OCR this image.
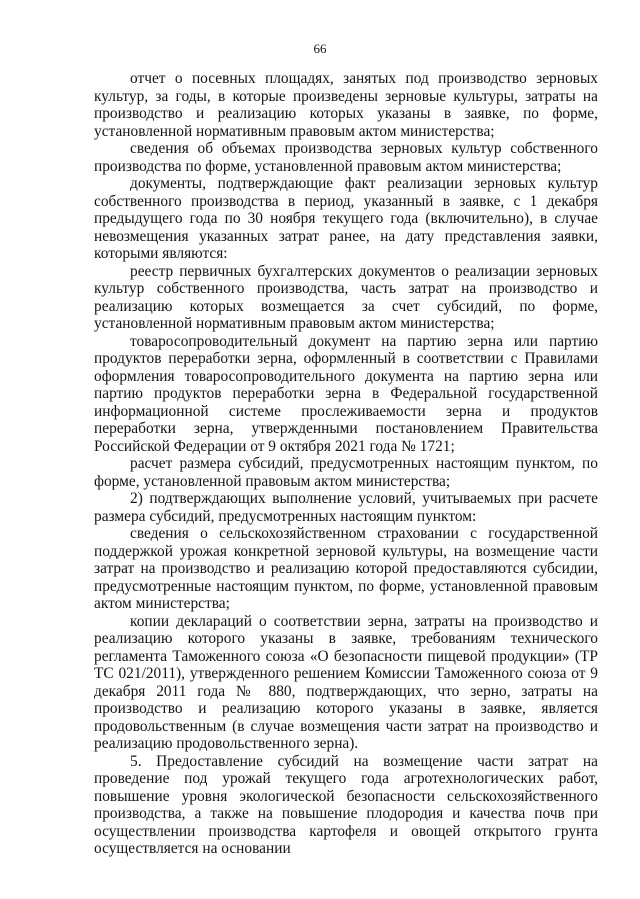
66

отчет о посевных площадях, занятых под производство зерновых культур, за годы, в которые произведены зерновые культуры, затраты на производство и реализацию которых указаны в заявке, по форме, установленной нормативным правовым актом министерства;

сведения об объемах производства зерновых культур собственного производства по форме, установленной правовым актом министерства;

документы, подтверждающие факт реализации зерновых культур собственного производства в период, указанный в заявке, с 1 декабря предыдущего года по 30 ноября текущего года (включительно), в случае невозмещения указанных затрат ранее, на дату представления заявки, которыми являются:

реестр первичных бухгалтерских документов о реализации зерновых культур собственного производства, часть затрат на производство и реализацию которых возмещается за счет субсидий, по форме, установленной нормативным правовым актом министерства;

товаросопроводительный документ на партию зерна или партию продуктов переработки зерна, оформленный в соответствии с Правилами оформления товаросопроводительного документа на партию зерна или партию продуктов переработки зерна в Федеральной государственной информационной системе прослеживаемости зерна и продуктов переработки зерна, утвержденными постановлением Правительства Российской Федерации от 9 октября 2021 года № 1721;

расчет размера субсидий, предусмотренных настоящим пунктом, по форме, установленной правовым актом министерства;

2) подтверждающих выполнение условий, учитываемых при расчете размера субсидий, предусмотренных настоящим пунктом:

сведения о сельскохозяйственном страховании с государственной поддержкой урожая конкретной зерновой культуры, на возмещение части затрат на производство и реализацию которой предоставляются субсидии, предусмотренные настоящим пунктом, по форме, установленной правовым актом министерства;

копии деклараций о соответствии зерна, затраты на производство и реализацию которого указаны в заявке, требованиям технического регламента Таможенного союза «О безопасности пищевой продукции» (ТР ТС 021/2011), утвержденного решением Комиссии Таможенного союза от 9 декабря 2011 года № 880, подтверждающих, что зерно, затраты на производство и реализацию которого указаны в заявке, является продовольственным (в случае возмещения части затрат на производство и реализацию продовольственного зерна).

5. Предоставление субсидий на возмещение части затрат на проведение под урожай текущего года агротехнологических работ, повышение уровня экологической безопасности сельскохозяйственного производства, а также на повышение плодородия и качества почв при осуществлении производства картофеля и овощей открытого грунта осуществляется на основании
